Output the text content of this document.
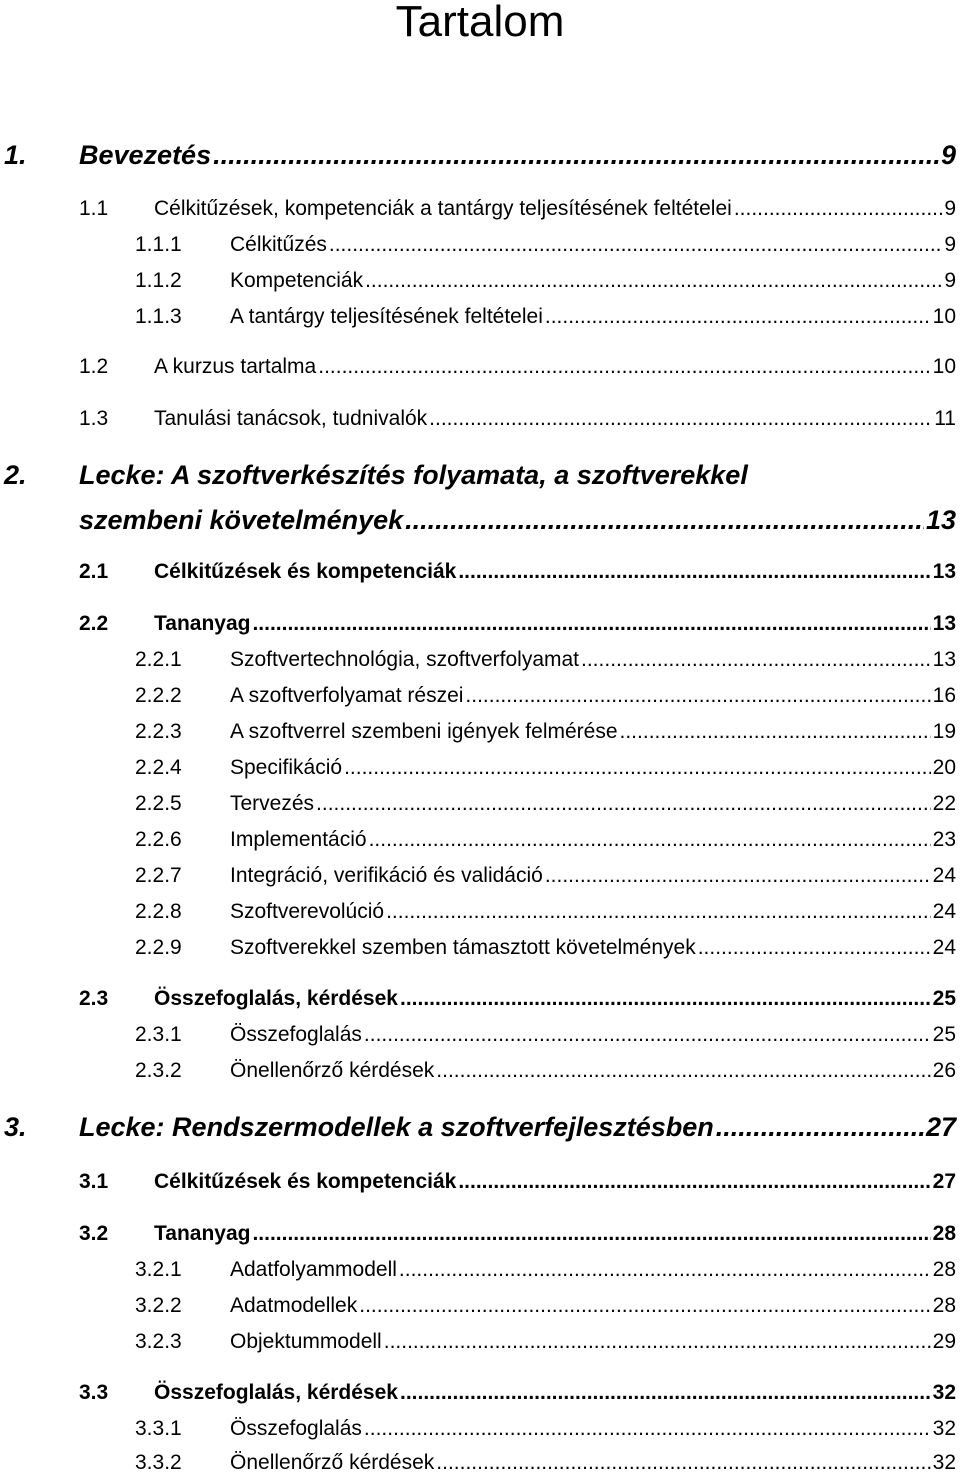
Tartalom
1.	Bevezetés .....	9
1.1	Célkitűzések, kompetenciák a tantárgy teljesítésének feltételei .....	9
1.1.1	Célkitűzés .....	9
1.1.2	Kompetenciák .....	9
1.1.3	A tantárgy teljesítésének feltételei .....	10
1.2	A kurzus tartalma .....	10
1.3	Tanulási tanácsok, tudnivalók .....	11
2. Lecke: A szoftverkészítés folyamata, a szoftverekkel
szembeni követelmények .....	13
2.1	Célkitűzések és kompetenciák .....	13
2.2	Tananyag .....	13
2.2.1	Szoftvertechnológia, szoftverfolyamat .....	13
2.2.2	A szoftverfolyamat részei .....	16
2.2.3	A szoftverrel szembeni igények felmérése .....	19
2.2.4	Specifikáció .....	20
2.2.5	Tervezés .....	22
2.2.6	Implementáció .....	23
2.2.7	Integráció, verifikáció és validáció .....	24
2.2.8	Szoftverevolúció .....	24
2.2.9	Szoftverekkel szemben támasztott követelmények .....	24
2.3	Összefoglalás, kérdések .....	25
2.3.1	Összefoglalás .....	25
2.3.2	Önellenőrző kérdések .....	26
3.	Lecke: Rendszermodellek a szoftverfejlesztésben .....	27
3.1	Célkitűzések és kompetenciák .....	27
3.2	Tananyag .....	28
3.2.1	Adatfolyammodell .....	28
3.2.2	Adatmodellek .....	28
3.2.3	Objektummodell .....	29
3.3	Összefoglalás, kérdések .....	32
3.3.1	Összefoglalás .....	32
3.3.2	Önellenőrző kérdések .....	32
